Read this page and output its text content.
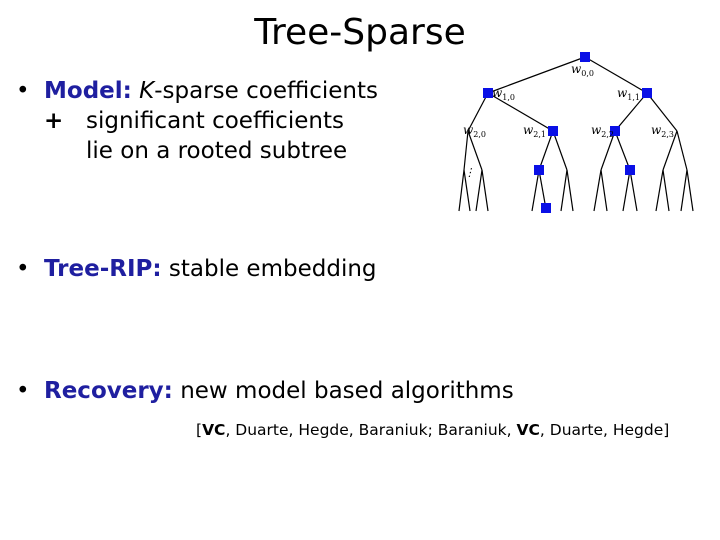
Tree-Sparse
• Model: K-sparse coefficients
+ significant coefficients
lie on a rooted subtree
• Tree-RIP: stable embedding
• Recovery: new model based algorithms
[VC, Duarte, Hegde, Baraniuk; Baraniuk, VC, Duarte, Hegde]
$w_{0,0}$
$w_{1,0}$	$w_{1,1}$
$w_{2,0}$	$w_{2,1}$	$w_{2,2}$	$w_{2,3}$
⋮
